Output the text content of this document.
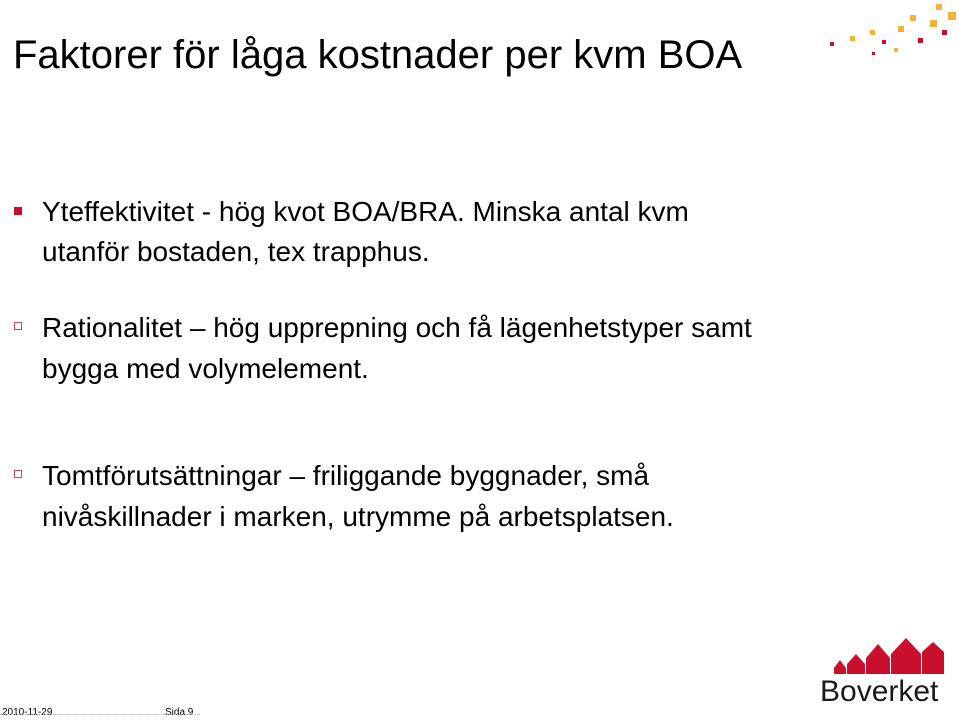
Faktorer för låga kostnader per kvm BOA
Yteffektivitet - hög kvot BOA/BRA. Minska antal kvm utanför bostaden, tex trapphus.
Rationalitet – hög upprepning och få lägenhetstyper samt bygga med volymelement.
Tomtförutsättningar – friliggande byggnader, små nivåskillnader i marken, utrymme på arbetsplatsen.
2010-11-29	Sida 9
Boverket
